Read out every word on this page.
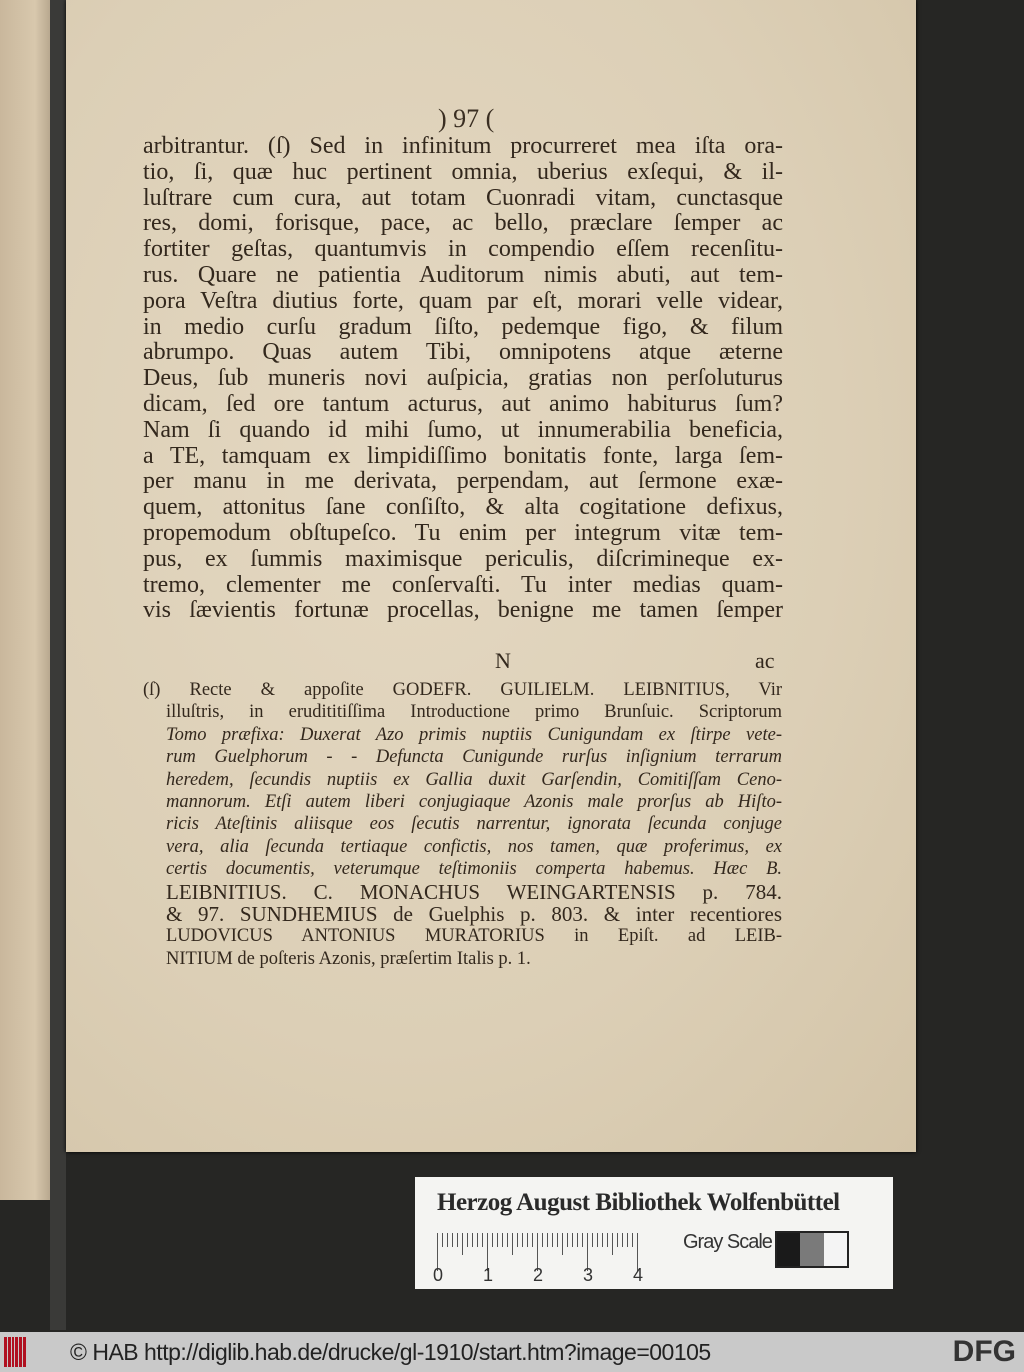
) 97 (
arbitrantur. (ſ) Sed in infinitum procurreret mea iſta ora-
tio, ſi, quæ huc pertinent omnia, uberius exſequi, & il-
luſtrare cum cura, aut totam Cuonradi vitam, cunctasque
res, domi, forisque, pace, ac bello, præclare ſemper ac
fortiter geſtas, quantumvis in compendio eſſem recenſitu-
rus. Quare ne patientia Auditorum nimis abuti, aut tem-
pora Veſtra diutius forte, quam par eſt, morari velle videar,
in medio curſu gradum ſiſto, pedemque figo, & filum
abrumpo. Quas autem Tibi, omnipotens atque æterne
Deus, ſub muneris novi auſpicia, gratias non perſoluturus
dicam, ſed ore tantum acturus, aut animo habiturus ſum?
Nam ſi quando id mihi ſumo, ut innumerabilia beneficia,
a TE, tamquam ex limpidiſſimo bonitatis fonte, larga ſem-
per manu in me derivata, perpendam, aut ſermone exæ-
quem, attonitus ſane conſiſto, & alta cogitatione defixus,
propemodum obſtupeſco. Tu enim per integrum vitæ tem-
pus, ex ſummis maximisque periculis, diſcrimineque ex-
tremo, clementer me conſervaſti. Tu inter medias quam-
vis ſævientis fortunæ procellas, benigne me tamen ſemper
N	ac
(ſ) Recte & appoſite GODEFR. GUILIELM. LEIBNITIUS, Vir
illuſtris, in erudititiſſima Introductione primo Brunſuic. Scriptorum
Tomo præfixa: Duxerat Azo primis nuptiis Cunigundam ex ſtirpe vete-
rum Guelphorum - - Defuncta Cunigunde rurſus inſignium terrarum
heredem, ſecundis nuptiis ex Gallia duxit Garſendin, Comitiſſam Ceno-
mannorum. Etſi autem liberi conjugiaque Azonis male prorſus ab Hiſto-
ricis Ateſtinis aliisque eos ſecutis narrentur, ignorata ſecunda conjuge
vera, alia ſecunda tertiaque confictis, nos tamen, quæ proferimus, ex
certis documentis, veterumque teſtimoniis comperta habemus. Hæc B.
LEIBNITIUS. C. MONACHUS WEINGARTENSIS p. 784.
& 97. SUNDHEMIUS de Guelphis p. 803. & inter recentiores
LUDOVICUS ANTONIUS MURATORIUS in Epiſt. ad LEIB-
NITIUM de poſteris Azonis, præſertim Italis p. 1.
Herzog August Bibliothek Wolfenbüttel
0 1 2 3 4
Gray Scale
© HAB http://diglib.hab.de/drucke/gl-1910/start.htm?image=00105	DFG
